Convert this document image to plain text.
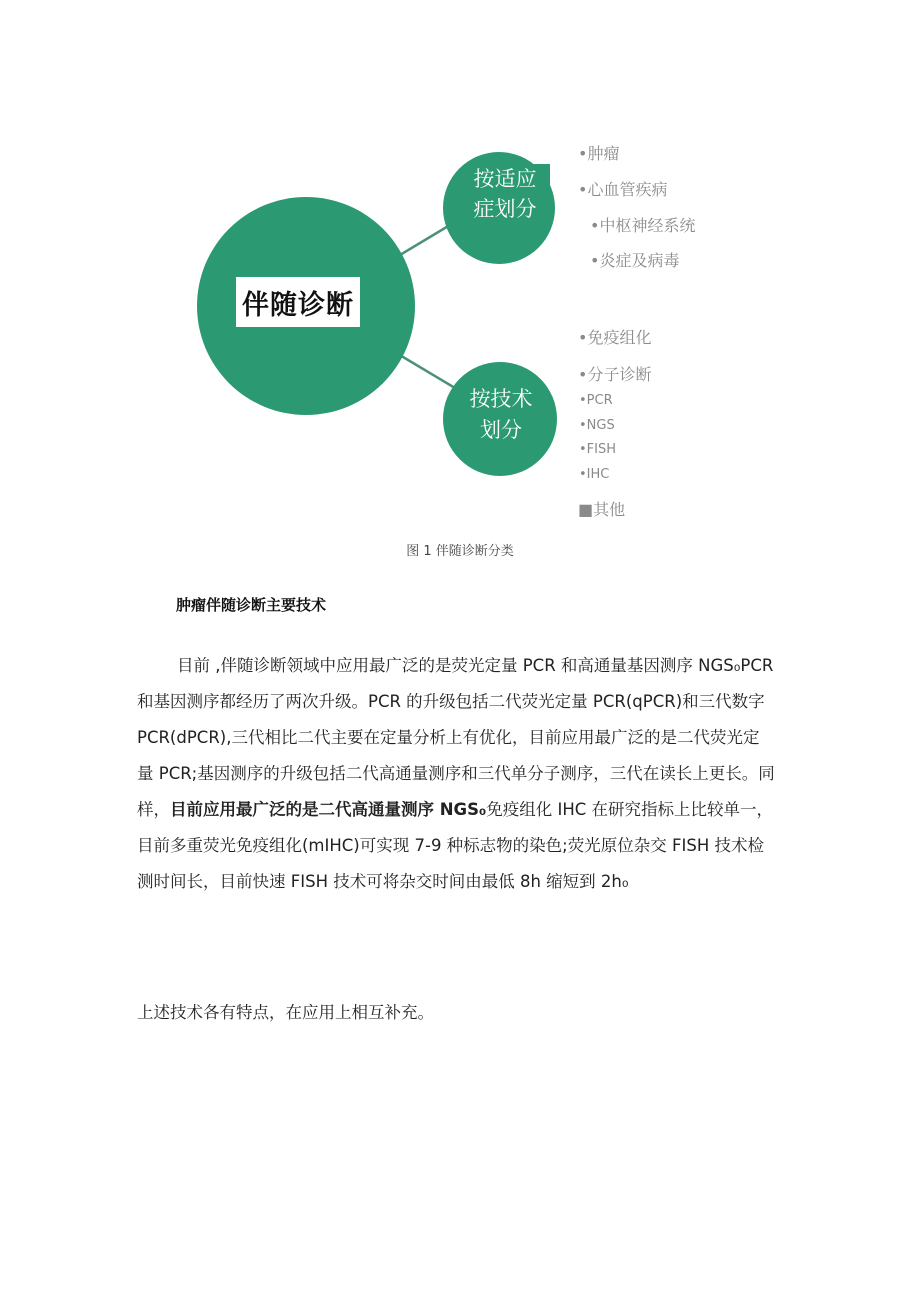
伴随诊断
按适应
症划分
按技术
划分
•肿瘤
•心血管疾病
•中枢神经系统
•炎症及病毒
•免疫组化
•分子诊断
•PCR
•NGS
•FISH
•IHC
■其他
图 1 伴随诊断分类
肿瘤伴随诊断主要技术
目前 ,伴随诊断领域中应用最广泛的是荧光定量 PCR 和高通量基因测序 NGS₀PCR
和基因测序都经历了两次升级。PCR 的升级包括二代荧光定量 PCR(qPCR)和三代数字
PCR(dPCR),三代相比二代主要在定量分析上有优化，目前应用最广泛的是二代荧光定
量 PCR;基因测序的升级包括二代高通量测序和三代单分子测序，三代在读长上更长。同
样，目前应用最广泛的是二代高通量测序 NGS₀免疫组化 IHC 在研究指标上比较单一，
目前多重荧光免疫组化(mIHC)可实现 7-9 种标志物的染色;荧光原位杂交 FISH 技术检
测时间长，目前快速 FISH 技术可将杂交时间由最低 8h 缩短到 2h₀
上述技术各有特点，在应用上相互补充。
